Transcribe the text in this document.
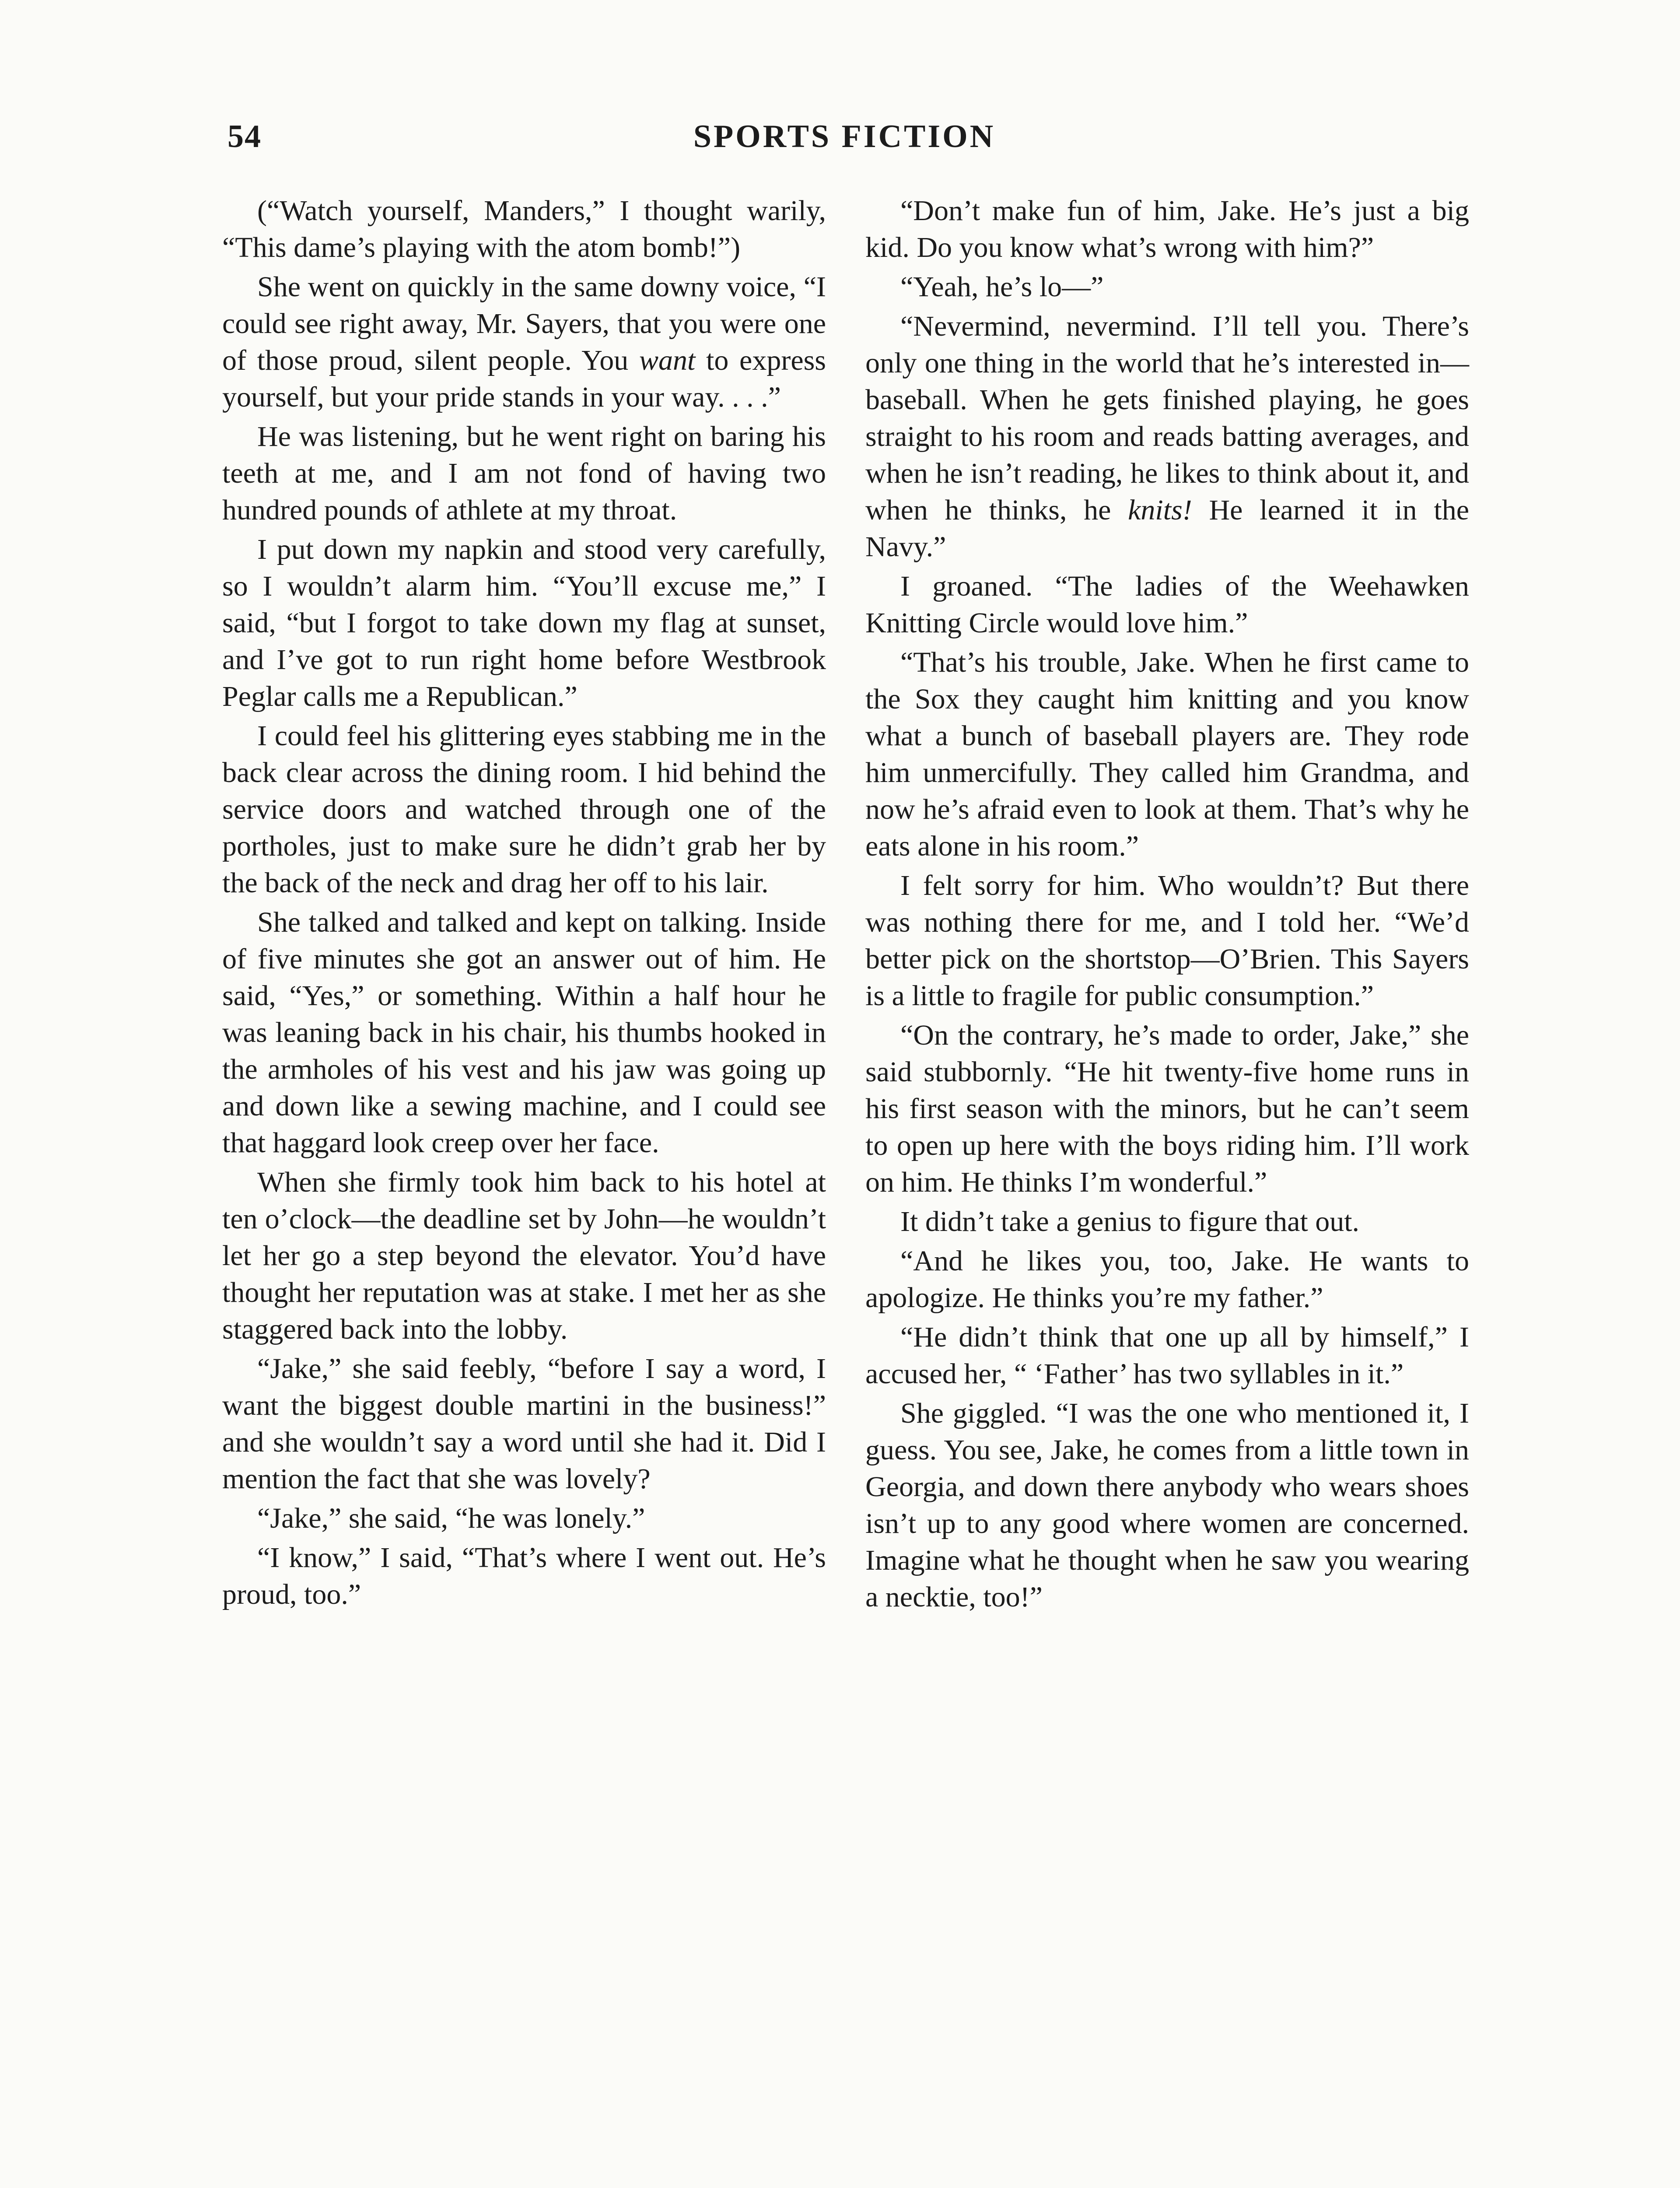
54	SPORTS FICTION

(“Watch yourself, Manders,” I thought warily, “This dame’s playing with the atom bomb!”)

She went on quickly in the same downy voice, “I could see right away, Mr. Sayers, that you were one of those proud, silent people. You want to express yourself, but your pride stands in your way. . . .”

He was listening, but he went right on baring his teeth at me, and I am not fond of having two hundred pounds of athlete at my throat.

I put down my napkin and stood very carefully, so I wouldn’t alarm him. “You’ll excuse me,” I said, “but I forgot to take down my flag at sunset, and I’ve got to run right home before Westbrook Peglar calls me a Republican.”

I could feel his glittering eyes stabbing me in the back clear across the dining room. I hid behind the service doors and watched through one of the portholes, just to make sure he didn’t grab her by the back of the neck and drag her off to his lair.

She talked and talked and kept on talking. Inside of five minutes she got an answer out of him. He said, “Yes,” or something. Within a half hour he was leaning back in his chair, his thumbs hooked in the armholes of his vest and his jaw was going up and down like a sewing machine, and I could see that haggard look creep over her face.

When she firmly took him back to his hotel at ten o’clock—the deadline set by John—he wouldn’t let her go a step beyond the elevator. You’d have thought her reputation was at stake. I met her as she staggered back into the lobby.

“Jake,” she said feebly, “before I say a word, I want the biggest double martini in the business!” and she wouldn’t say a word until she had it. Did I mention the fact that she was lovely?

“Jake,” she said, “he was lonely.”

“I know,” I said, “That’s where I went out. He’s proud, too.”

“Don’t make fun of him, Jake. He’s just a big kid. Do you know what’s wrong with him?”

“Yeah, he’s lo—”

“Nevermind, nevermind. I’ll tell you. There’s only one thing in the world that he’s interested in—baseball. When he gets finished playing, he goes straight to his room and reads batting averages, and when he isn’t reading, he likes to think about it, and when he thinks, he knits! He learned it in the Navy.”

I groaned. “The ladies of the Weehawken Knitting Circle would love him.”

“That’s his trouble, Jake. When he first came to the Sox they caught him knitting and you know what a bunch of baseball players are. They rode him unmercifully. They called him Grandma, and now he’s afraid even to look at them. That’s why he eats alone in his room.”

I felt sorry for him. Who wouldn’t? But there was nothing there for me, and I told her. “We’d better pick on the shortstop—O’Brien. This Sayers is a little to fragile for public consumption.”

“On the contrary, he’s made to order, Jake,” she said stubbornly. “He hit twenty-five home runs in his first season with the minors, but he can’t seem to open up here with the boys riding him. I’ll work on him. He thinks I’m wonderful.”

It didn’t take a genius to figure that out.

“And he likes you, too, Jake. He wants to apologize. He thinks you’re my father.”

“He didn’t think that one up all by himself,” I accused her, “ ‘Father’ has two syllables in it.”

She giggled. “I was the one who mentioned it, I guess. You see, Jake, he comes from a little town in Georgia, and down there anybody who wears shoes isn’t up to any good where women are concerned. Imagine what he thought when he saw you wearing a necktie, too!”
